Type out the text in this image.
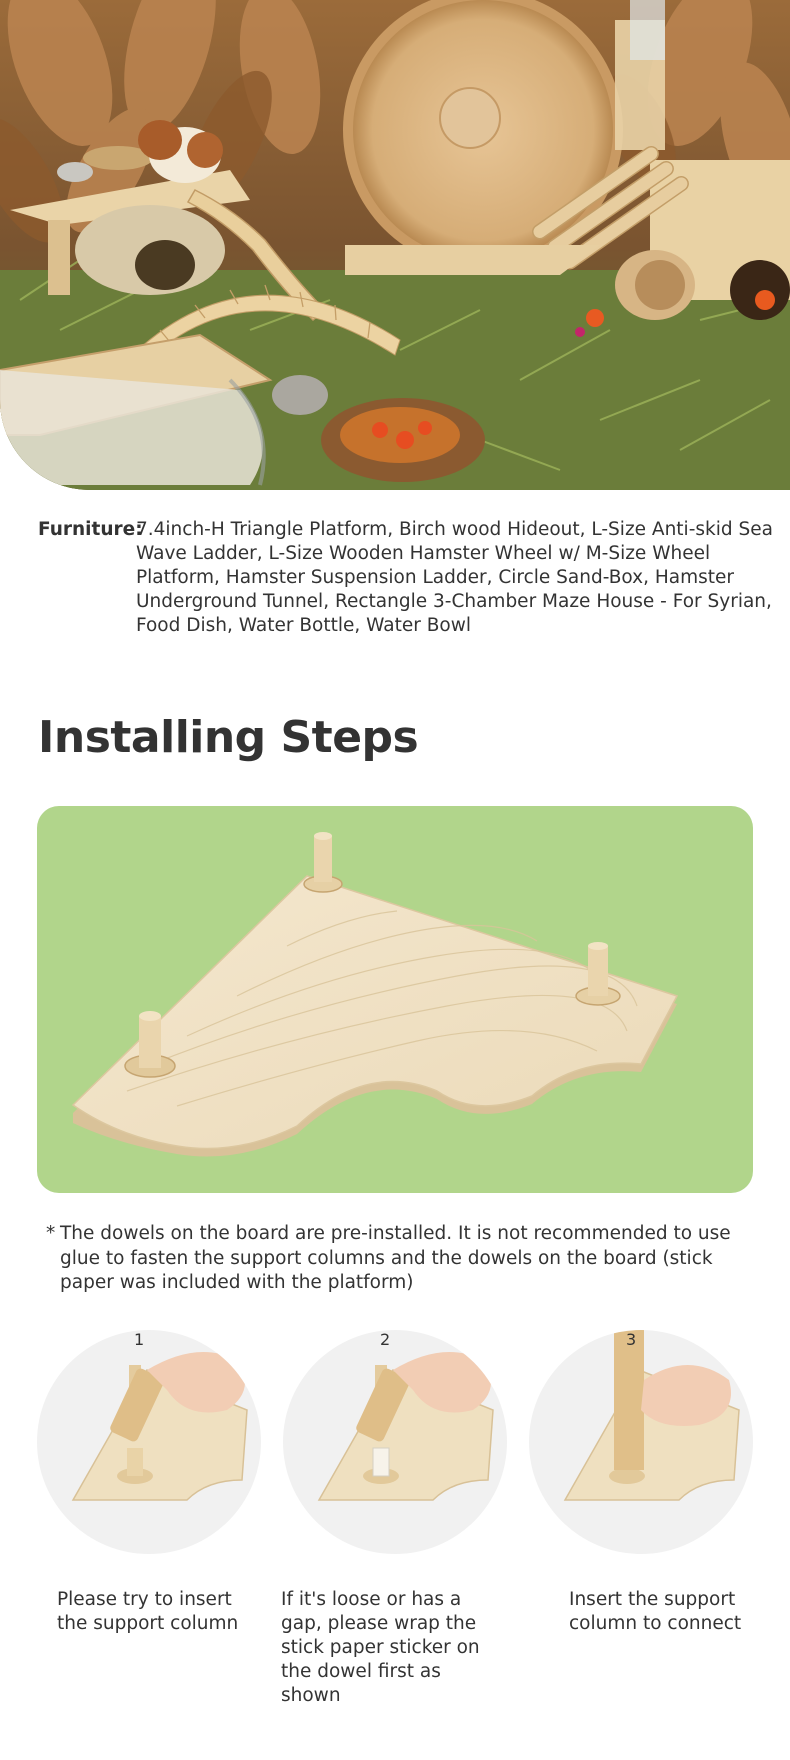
Furniture:
7.4inch-H Triangle Platform, Birch wood Hideout, L-Size Anti-skid Sea Wave Ladder, L-Size Wooden Hamster Wheel w/ M-Size Wheel Platform, Hamster Suspension Ladder, Circle Sand-Box, Hamster Underground Tunnel, Rectangle 3-Chamber Maze House - For Syrian, Food Dish, Water Bottle, Water Bowl
Installing Steps
* The dowels on the board are pre-installed. It is not recommended to use glue to fasten the support columns and the dowels on the board (stick paper was included with the platform)
1
Please try to insert the support column
2
If it's loose or has a gap, please wrap the stick paper sticker on the dowel first as shown
3
Insert the support column to connect
